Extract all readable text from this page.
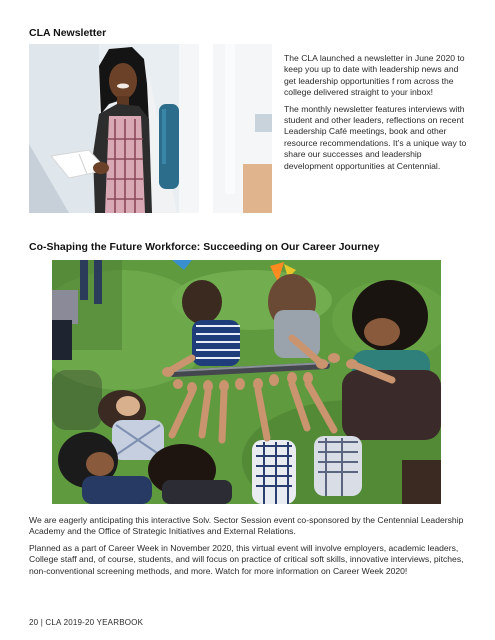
CLA Newsletter

The CLA launched a newsletter in June 2020 to keep you up to date with leadership news and get leadership opportunities f rom across the college delivered straight to your inbox!

The monthly newsletter features interviews with student and other leaders, reflections on recent Leadership Café meetings, book and other resource recommendations. It’s a unique way to share our successes and leadership development opportunities at Centennial.

Co-Shaping the Future Workforce: Succeeding on Our Career Journey

We are eagerly anticipating this interactive Solv. Sector Session event co-sponsored by the Centennial Leadership Academy and the Office of Strategic Initiatives and External Relations.

Planned as a part of Career Week in November 2020, this virtual event will involve employers, academic leaders, College staff and, of course, students, and will focus on practice of critical soft skills, innovative interviews, pitches, non-conventional screening methods, and more. Watch for more information on Career Week 2020!

20 | CLA 2019-20 YEARBOOK
